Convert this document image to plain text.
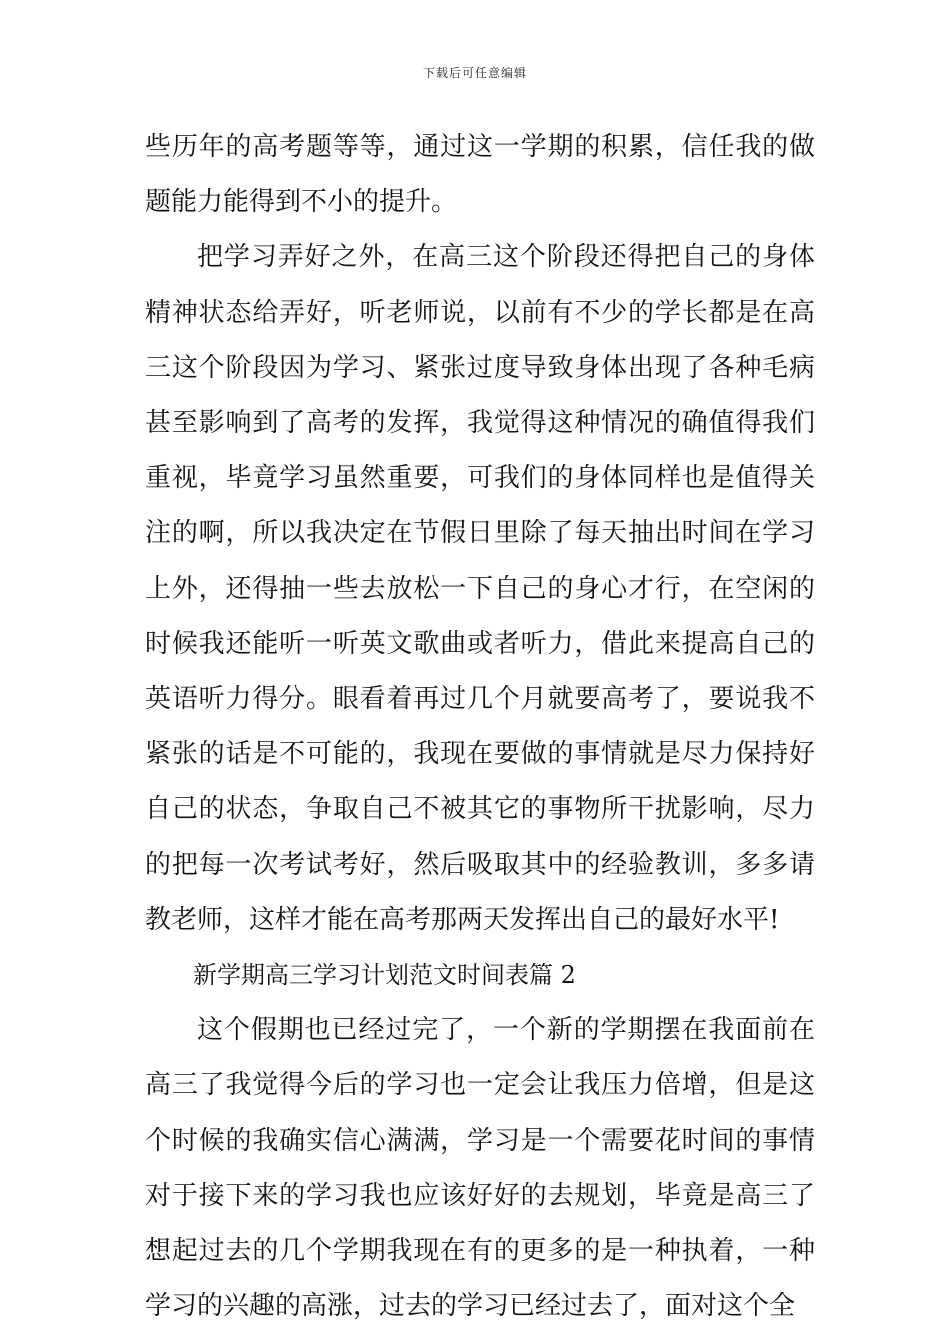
下载后可任意编辑

些历年的高考题等等，通过这一学期的积累，信任我的做题能力能得到不小的提升。

把学习弄好之外，在高三这个阶段还得把自己的身体精神状态给弄好，听老师说，以前有不少的学长都是在高三这个阶段因为学习、紧张过度导致身体出现了各种毛病甚至影响到了高考的发挥，我觉得这种情况的确值得我们重视，毕竟学习虽然重要，可我们的身体同样也是值得关注的啊，所以我决定在节假日里除了每天抽出时间在学习上外，还得抽一些去放松一下自己的身心才行，在空闲的时候我还能听一听英文歌曲或者听力，借此来提高自己的英语听力得分。眼看着再过几个月就要高考了，要说我不紧张的话是不可能的，我现在要做的事情就是尽力保持好自己的状态，争取自己不被其它的事物所干扰影响，尽力的把每一次考试考好，然后吸取其中的经验教训，多多请教老师，这样才能在高考那两天发挥出自己的最好水平!

新学期高三学习计划范文时间表篇 2

这个假期也已经过完了，一个新的学期摆在我面前在高三了我觉得今后的学习也一定会让我压力倍增，但是这个时候的我确实信心满满，学习是一个需要花时间的事情对于接下来的学习我也应该好好的去规划，毕竟是高三了想起过去的几个学期我现在有的更多的是一种执着，一种学习的兴趣的高涨，过去的学习已经过去了，面对这个全
